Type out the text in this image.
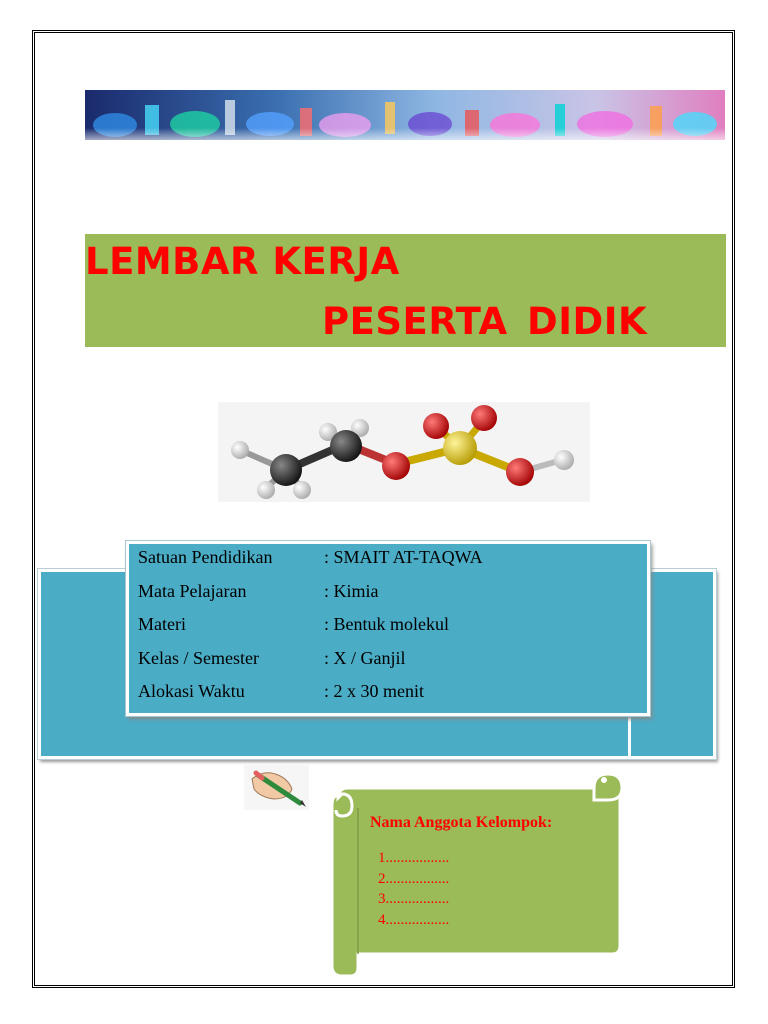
LEMBAR KERJA
PESERTA DIDIK
Satuan Pendidikan	: SMAIT AT-TAQWA
Mata Pelajaran	: Kimia
Materi	: Bentuk molekul
Kelas / Semester	: X / Ganjil
Alokasi Waktu	: 2 x 30 menit
Nama Anggota Kelompok:
1.................
2.................
3.................
4.................
